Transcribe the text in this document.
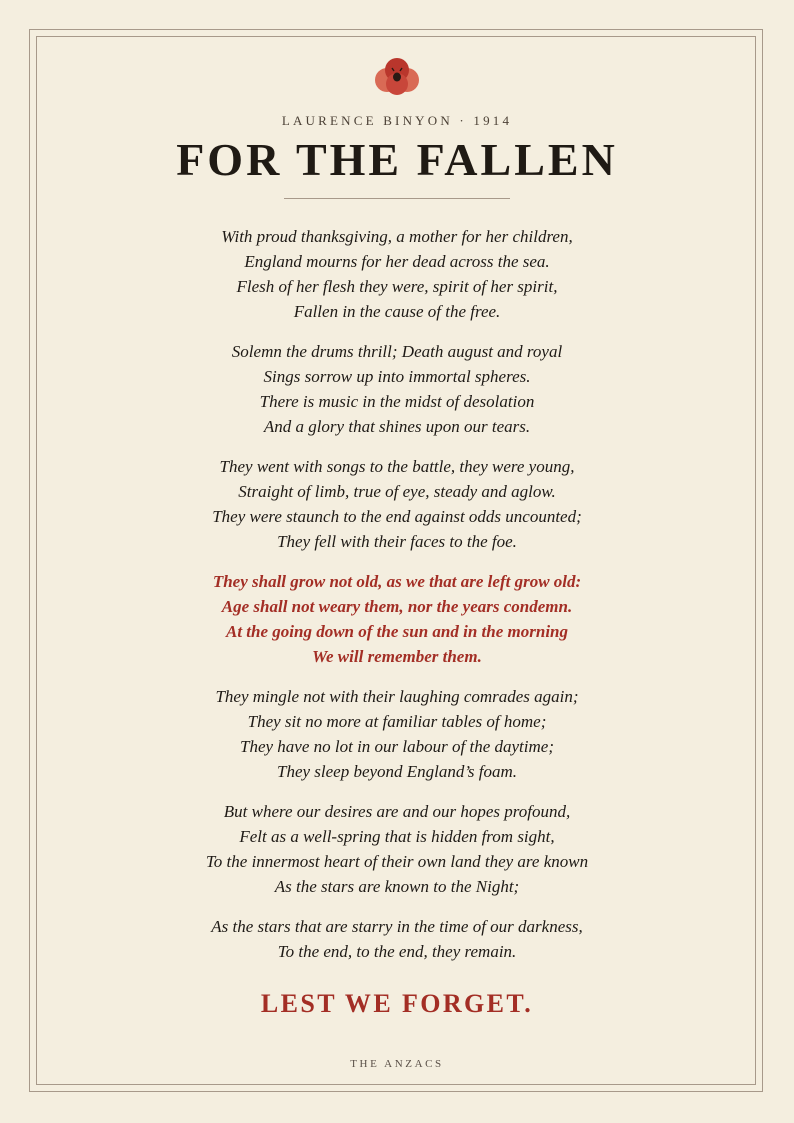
LAURENCE BINYON · 1914
FOR THE FALLEN
With proud thanksgiving, a mother for her children,
England mourns for her dead across the sea.
Flesh of her flesh they were, spirit of her spirit,
Fallen in the cause of the free.
Solemn the drums thrill; Death august and royal
Sings sorrow up into immortal spheres.
There is music in the midst of desolation
And a glory that shines upon our tears.
They went with songs to the battle, they were young,
Straight of limb, true of eye, steady and aglow.
They were staunch to the end against odds uncounted;
They fell with their faces to the foe.
They shall grow not old, as we that are left grow old:
Age shall not weary them, nor the years condemn.
At the going down of the sun and in the morning
We will remember them.
They mingle not with their laughing comrades again;
They sit no more at familiar tables of home;
They have no lot in our labour of the daytime;
They sleep beyond England’s foam.
But where our desires are and our hopes profound,
Felt as a well-spring that is hidden from sight,
To the innermost heart of their own land they are known
As the stars are known to the Night;
As the stars that are starry in the time of our darkness,
To the end, to the end, they remain.
LEST WE FORGET.
THE ANZACS
